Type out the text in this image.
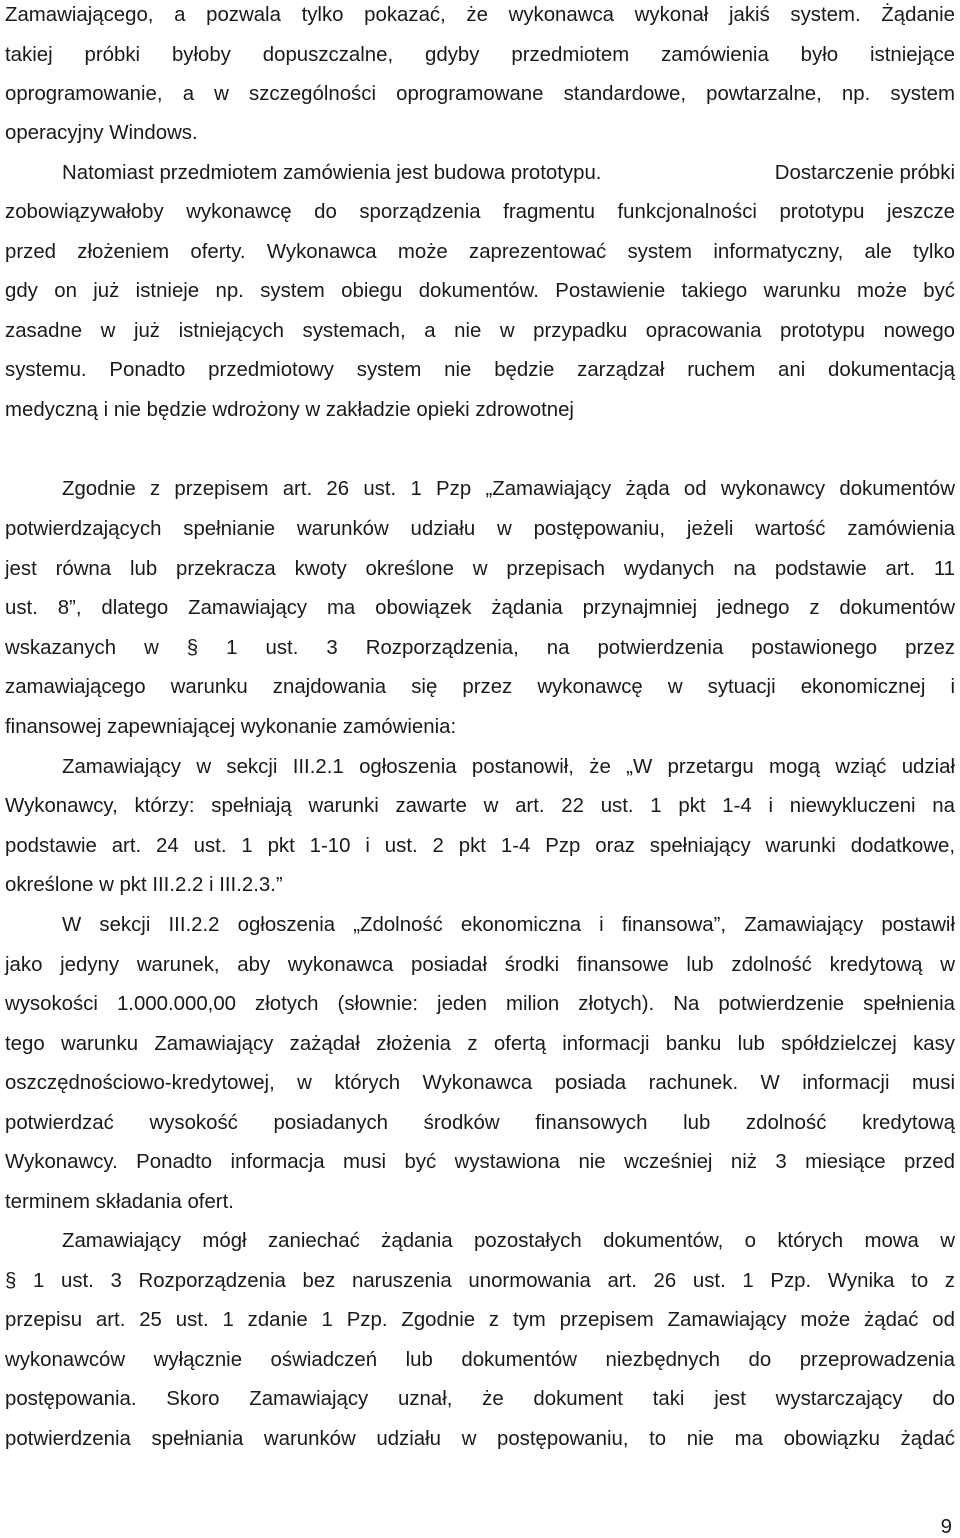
Zamawiającego, a pozwala tylko pokazać, że wykonawca wykonał jakiś system. Żądanie
takiej próbki byłoby dopuszczalne, gdyby przedmiotem zamówienia było istniejące
oprogramowanie, a w szczególności oprogramowane standardowe, powtarzalne, np. system
operacyjny Windows.
Natomiast przedmiotem zamówienia jest budowa prototypu.	Dostarczenie próbki
zobowiązywałoby wykonawcę do sporządzenia fragmentu funkcjonalności prototypu jeszcze
przed złożeniem oferty. Wykonawca może zaprezentować system informatyczny, ale tylko
gdy on już istnieje np. system obiegu dokumentów. Postawienie takiego warunku może być
zasadne w już istniejących systemach, a nie w przypadku opracowania prototypu nowego
systemu. Ponadto przedmiotowy system nie będzie zarządzał ruchem ani dokumentacją
medyczną i nie będzie wdrożony w zakładzie opieki zdrowotnej
Zgodnie z przepisem art. 26 ust. 1 Pzp „Zamawiający żąda od wykonawcy dokumentów
potwierdzających spełnianie warunków udziału w postępowaniu, jeżeli wartość zamówienia
jest równa lub przekracza kwoty określone w przepisach wydanych na podstawie art. 11
ust. 8”, dlatego Zamawiający ma obowiązek żądania przynajmniej jednego z dokumentów
wskazanych w § 1 ust. 3 Rozporządzenia, na potwierdzenia postawionego przez
zamawiającego warunku znajdowania się przez wykonawcę w sytuacji ekonomicznej i
finansowej zapewniającej wykonanie zamówienia:
Zamawiający w sekcji III.2.1 ogłoszenia postanowił, że „W przetargu mogą wziąć udział
Wykonawcy, którzy: spełniają warunki zawarte w art. 22 ust. 1 pkt 1-4 i niewykluczeni na
podstawie art. 24 ust. 1 pkt 1-10 i ust. 2 pkt 1-4 Pzp oraz spełniający warunki dodatkowe,
określone w pkt III.2.2 i III.2.3.”
W sekcji III.2.2 ogłoszenia „Zdolność ekonomiczna i finansowa”, Zamawiający postawił
jako jedyny warunek, aby wykonawca posiadał środki finansowe lub zdolność kredytową w
wysokości 1.000.000,00 złotych (słownie: jeden milion złotych). Na potwierdzenie spełnienia
tego warunku Zamawiający zażądał złożenia z ofertą informacji banku lub spółdzielczej kasy
oszczędnościowo-kredytowej, w których Wykonawca posiada rachunek. W informacji musi
potwierdzać wysokość posiadanych środków finansowych lub zdolność kredytową
Wykonawcy. Ponadto informacja musi być wystawiona nie wcześniej niż 3 miesiące przed
terminem składania ofert.
Zamawiający mógł zaniechać żądania pozostałych dokumentów, o których mowa w
§ 1 ust. 3 Rozporządzenia bez naruszenia unormowania art. 26 ust. 1 Pzp. Wynika to z
przepisu art. 25 ust. 1 zdanie 1 Pzp. Zgodnie z tym przepisem Zamawiający może żądać od
wykonawców wyłącznie oświadczeń lub dokumentów niezbędnych do przeprowadzenia
postępowania. Skoro Zamawiający uznał, że dokument taki jest wystarczający do
potwierdzenia spełniania warunków udziału w postępowaniu, to nie ma obowiązku żądać
9
